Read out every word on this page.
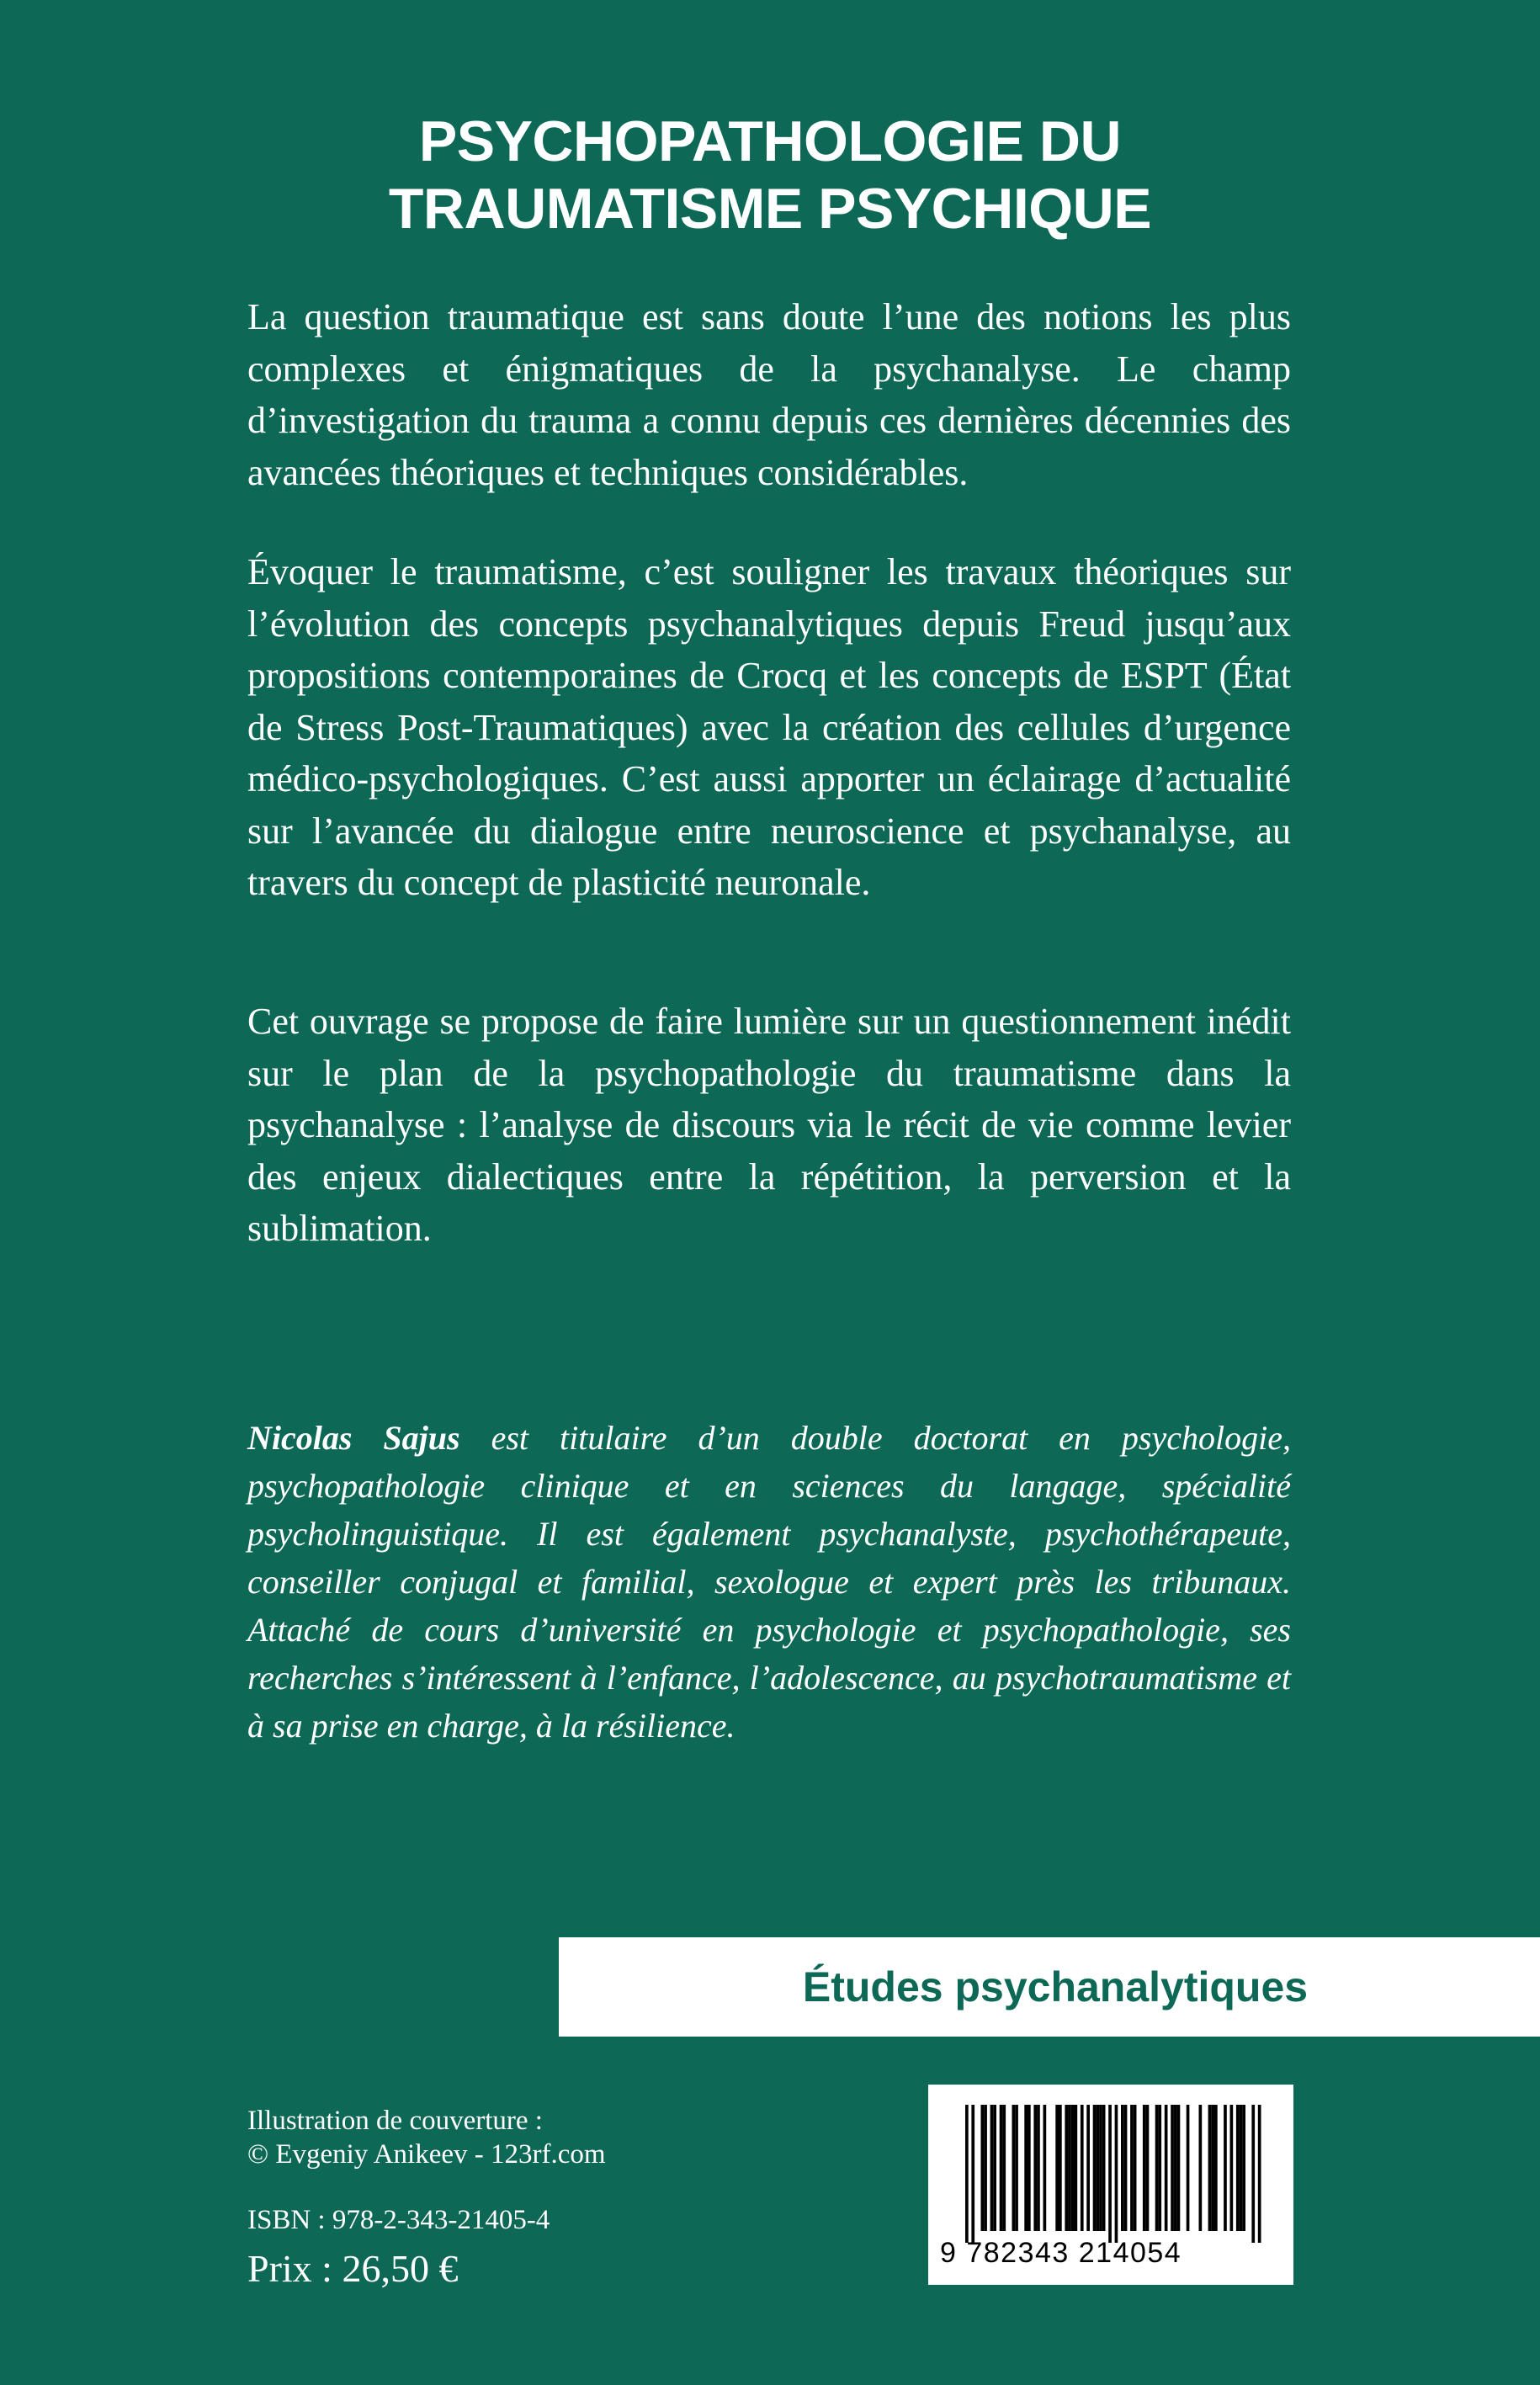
PSYCHOPATHOLOGIE DU
TRAUMATISME PSYCHIQUE

La question traumatique est sans doute l’une des notions les plus complexes et énigmatiques de la psychanalyse. Le champ d’investigation du trauma a connu depuis ces dernières décennies des avancées théoriques et techniques considérables.

Évoquer le traumatisme, c’est souligner les travaux théoriques sur l’évolution des concepts psychanalytiques depuis Freud jusqu’aux propositions contemporaines de Crocq et les concepts de ESPT (État de Stress Post-Traumatiques) avec la création des cellules d’urgence médico-psychologiques. C’est aussi apporter un éclairage d’actualité sur l’avancée du dialogue entre neuroscience et psychanalyse, au travers du concept de plasticité neuronale.

Cet ouvrage se propose de faire lumière sur un questionnement inédit sur le plan de la psychopathologie du traumatisme dans la psychanalyse : l’analyse de discours via le récit de vie comme levier des enjeux dialectiques entre la répétition, la perversion et la sublimation.

Nicolas Sajus est titulaire d’un double doctorat en psychologie, psychopathologie clinique et en sciences du langage, spécialité psycholinguistique. Il est également psychanalyste, psychothérapeute, conseiller conjugal et familial, sexologue et expert près les tribunaux. Attaché de cours d’université en psychologie et psychopathologie, ses recherches s’intéressent à l’enfance, l’adolescence, au psychotraumatisme et à sa prise en charge, à la résilience.

Études psychanalytiques
Illustration de couverture :
© Evgeniy Anikeev - 123rf.com
ISBN : 978-2-343-21405-4
Prix : 26,50 €	9 782343 214054
